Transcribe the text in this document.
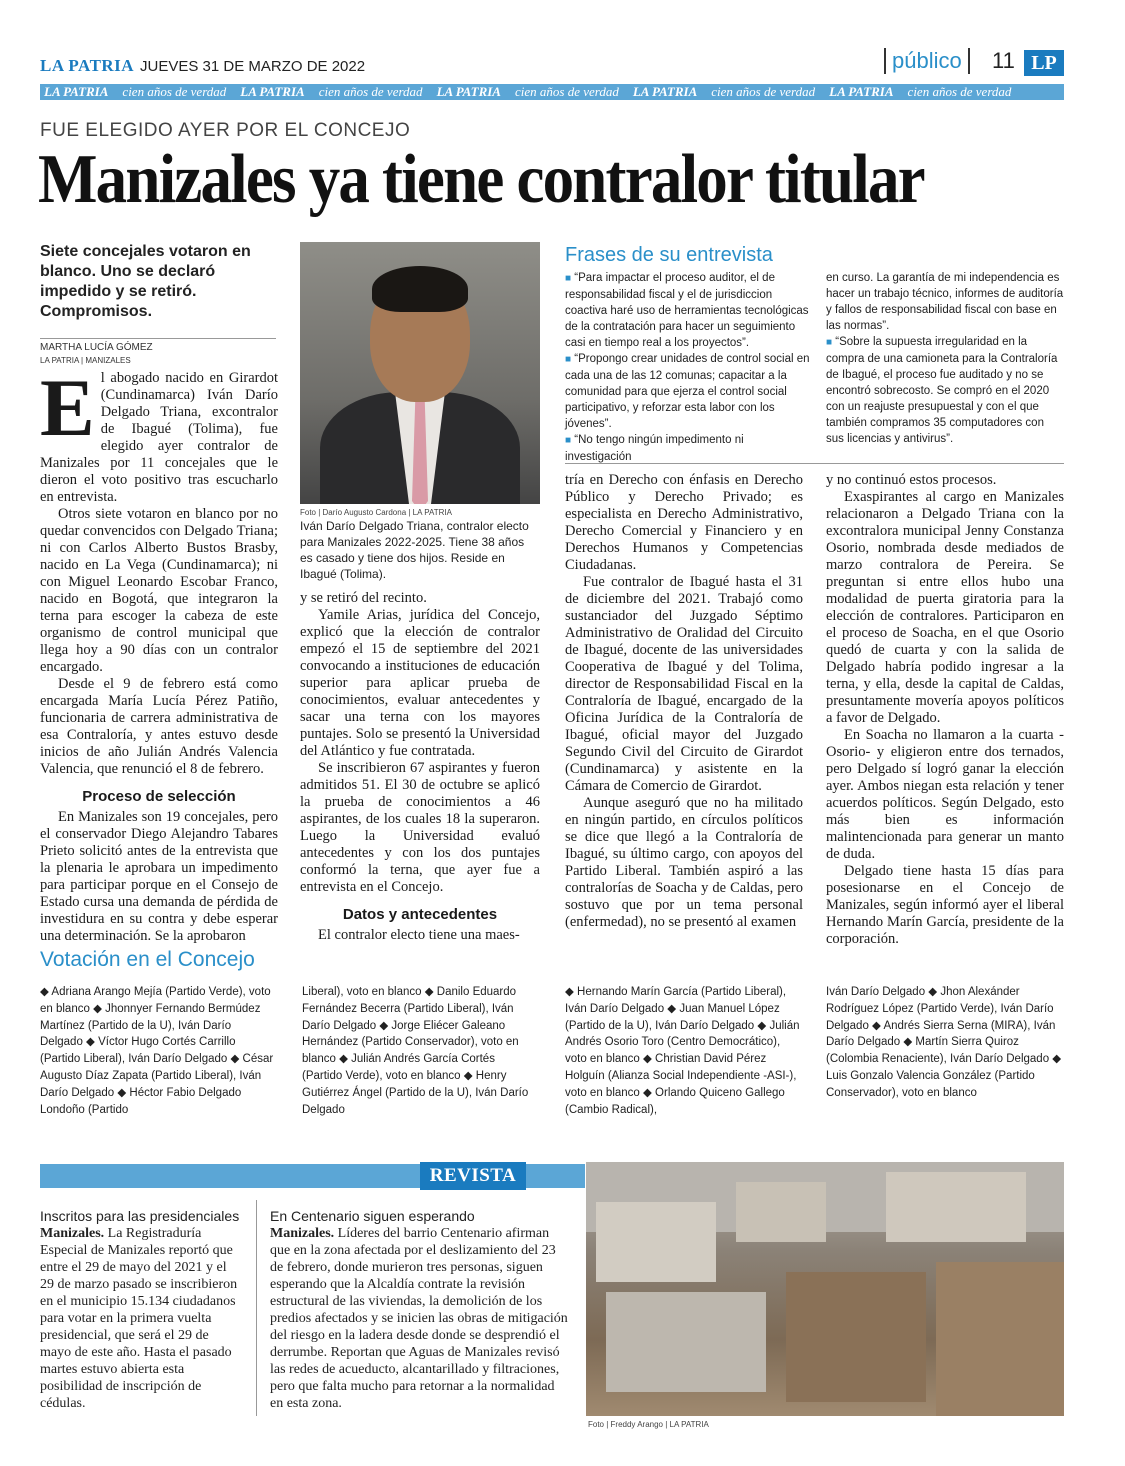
LA PATRIA JUEVES 31 DE MARZO DE 2022	público	11 LP
LA PATRIA	cien años de verdad	LA PATRIA	cien años de verdad	LA PATRIA	cien años de verdad	LA PATRIA	cien años de verdad	LA PATRIA	cien años de verdad
FUE ELEGIDO AYER POR EL CONCEJO
Manizales ya tiene contralor titular
Siete concejales votaron en blanco. Uno se declaró impedido y se retiró. Compromisos.
MARTHA LUCÍA GÓMEZ
LA PATRIA | MANIZALES

El abogado nacido en Girardot (Cundinamarca) Iván Darío Delgado Triana, excontralor de Ibagué (Tolima), fue elegido ayer contralor de Manizales por 11 concejales que le dieron el voto positivo tras escucharlo en entrevista.

Otros siete votaron en blanco por no quedar convencidos con Delgado Triana; ni con Carlos Alberto Bustos Brasby, nacido en La Vega (Cundinamarca); ni con Miguel Leonardo Escobar Franco, nacido en Bogotá, que integraron la terna para escoger la cabeza de este organismo de control municipal que llega hoy a 90 días con un contralor encargado.

Desde el 9 de febrero está como encargada María Lucía Pérez Patiño, funcionaria de carrera administrativa de esa Contraloría, y antes estuvo desde inicios de año Julián Andrés Valencia Valencia, que renunció el 8 de febrero.

Proceso de selección

En Manizales son 19 concejales, pero el conservador Diego Alejandro Tabares Prieto solicitó antes de la entrevista que la plenaria le aprobara un impedimento para participar porque en el Consejo de Estado cursa una demanda de pérdida de investidura en su contra y debe esperar una determinación. Se la aprobaron

Foto | Darío Augusto Cardona | LA PATRIA
Iván Darío Delgado Triana, contralor electo para Manizales 2022-2025. Tiene 38 años es casado y tiene dos hijos. Reside en Ibagué (Tolima).

y se retiró del recinto.

Yamile Arias, jurídica del Concejo, explicó que la elección de contralor empezó el 15 de septiembre del 2021 convocando a instituciones de educación superior para aplicar prueba de conocimientos, evaluar antecedentes y sacar una terna con los mayores puntajes. Solo se presentó la Universidad del Atlántico y fue contratada.

Se inscribieron 67 aspirantes y fueron admitidos 51. El 30 de octubre se aplicó la prueba de conocimientos a 46 aspirantes, de los cuales 18 la superaron. Luego la Universidad evaluó antecedentes y con los dos puntajes conformó la terna, que ayer fue a entrevista en el Concejo.

Datos y antecedentes

El contralor electo tiene una maes-

Frases de su entrevista

■ “Para impactar el proceso auditor, el de responsabilidad fiscal y el de jurisdiccion coactiva haré uso de herramientas tecnológicas de la contratación para hacer un seguimiento casi en tiempo real a los proyectos”.

■ “Propongo crear unidades de control social en cada una de las 12 comunas; capacitar a la comunidad para que ejerza el control social participativo, y reforzar esta labor con los jóvenes”.

■ “No tengo ningún impedimento ni investigación

en curso. La garantía de mi independencia es hacer un trabajo técnico, informes de auditoría y fallos de responsabilidad fiscal con base en las normas”.

■ “Sobre la supuesta irregularidad en la compra de una camioneta para la Contraloría de Ibagué, el proceso fue auditado y no se encontró sobrecosto. Se compró en el 2020 con un reajuste presupuestal y con el que también compramos 35 computadores con sus licencias y antivirus”.

tría en Derecho con énfasis en Derecho Público y Derecho Privado; es especialista en Derecho Administrativo, Derecho Comercial y Financiero y en Derechos Humanos y Competencias Ciudadanas.

Fue contralor de Ibagué hasta el 31 de diciembre del 2021. Trabajó como sustanciador del Juzgado Séptimo Administrativo de Oralidad del Circuito de Ibagué, docente de las universidades Cooperativa de Ibagué y del Tolima, director de Responsabilidad Fiscal en la Contraloría de Ibagué, encargado de la Oficina Jurídica de la Contraloría de Ibagué, oficial mayor del Juzgado Segundo Civil del Circuito de Girardot (Cundinamarca) y asistente en la Cámara de Comercio de Girardot.

Aunque aseguró que no ha militado en ningún partido, en círculos políticos se dice que llegó a la Contraloría de Ibagué, su último cargo, con apoyos del Partido Liberal. También aspiró a las contralorías de Soacha y de Caldas, pero sostuvo que por un tema personal (enfermedad), no se presentó al examen

y no continuó estos procesos.

Exaspirantes al cargo en Manizales relacionaron a Delgado Triana con la excontralora municipal Jenny Constanza Osorio, nombrada desde mediados de marzo contralora de Pereira. Se preguntan si entre ellos hubo una modalidad de puerta giratoria para la elección de contralores. Participaron en el proceso de Soacha, en el que Osorio quedó de cuarta y con la salida de Delgado habría podido ingresar a la terna, y ella, desde la capital de Caldas, presuntamente movería apoyos políticos a favor de Delgado.

En Soacha no llamaron a la cuarta -Osorio- y eligieron entre dos ternados, pero Delgado sí logró ganar la elección ayer. Ambos niegan esta relación y tener acuerdos políticos. Según Delgado, esto más bien es información malintencionada para generar un manto de duda.

Delgado tiene hasta 15 días para posesionarse en el Concejo de Manizales, según informó ayer el liberal Hernando Marín García, presidente de la corporación.

Votación en el Concejo
◆ Adriana Arango Mejía (Partido Verde), voto en blanco ◆ Jhonnyer Fernando Bermúdez Martínez (Partido de la U), Iván Darío Delgado ◆ Víctor Hugo Cortés Carrillo (Partido Liberal), Iván Darío Delgado ◆ César Augusto Díaz Zapata (Partido Liberal), Iván Darío Delgado ◆ Héctor Fabio Delgado Londoño (Partido
Liberal), voto en blanco ◆ Danilo Eduardo Fernández Becerra (Partido Liberal), Iván Darío Delgado ◆ Jorge Eliécer Galeano Hernández (Partido Conservador), voto en blanco ◆ Julián Andrés García Cortés (Partido Verde), voto en blanco ◆ Henry Gutiérrez Ángel (Partido de la U), Iván Darío Delgado
◆ Hernando Marín García (Partido Liberal), Iván Darío Delgado ◆ Juan Manuel López (Partido de la U), Iván Darío Delgado ◆ Julián Andrés Osorio Toro (Centro Democrático), voto en blanco ◆ Christian David Pérez Holguín (Alianza Social Independiente -ASI-), voto en blanco ◆ Orlando Quiceno Gallego (Cambio Radical),
Iván Darío Delgado ◆ Jhon Alexánder Rodríguez López (Partido Verde), Iván Darío Delgado ◆ Andrés Sierra Serna (MIRA), Iván Darío Delgado ◆ Martín Sierra Quiroz (Colombia Renaciente), Iván Darío Delgado ◆ Luis Gonzalo Valencia González (Partido Conservador), voto en blanco
REVISTA
Inscritos para las presidenciales

Manizales. La Registraduría Especial de Manizales reportó que entre el 29 de mayo del 2021 y el 29 de marzo pasado se inscribieron en el municipio 15.134 ciudadanos para votar en la primera vuelta presidencial, que será el 29 de mayo de este año. Hasta el pasado martes estuvo abierta esta posibilidad de inscripción de cédulas.

En Centenario siguen esperando

Manizales. Líderes del barrio Centenario afirman que en la zona afectada por el deslizamiento del 23 de febrero, donde murieron tres personas, siguen esperando que la Alcaldía contrate la revisión estructural de las viviendas, la demolición de los predios afectados y se inicien las obras de mitigación del riesgo en la ladera desde donde se desprendió el derrumbe. Reportan que Aguas de Manizales revisó las redes de acueducto, alcantarillado y filtraciones, pero que falta mucho para retornar a la normalidad en esta zona.

Foto | Freddy Arango | LA PATRIA
